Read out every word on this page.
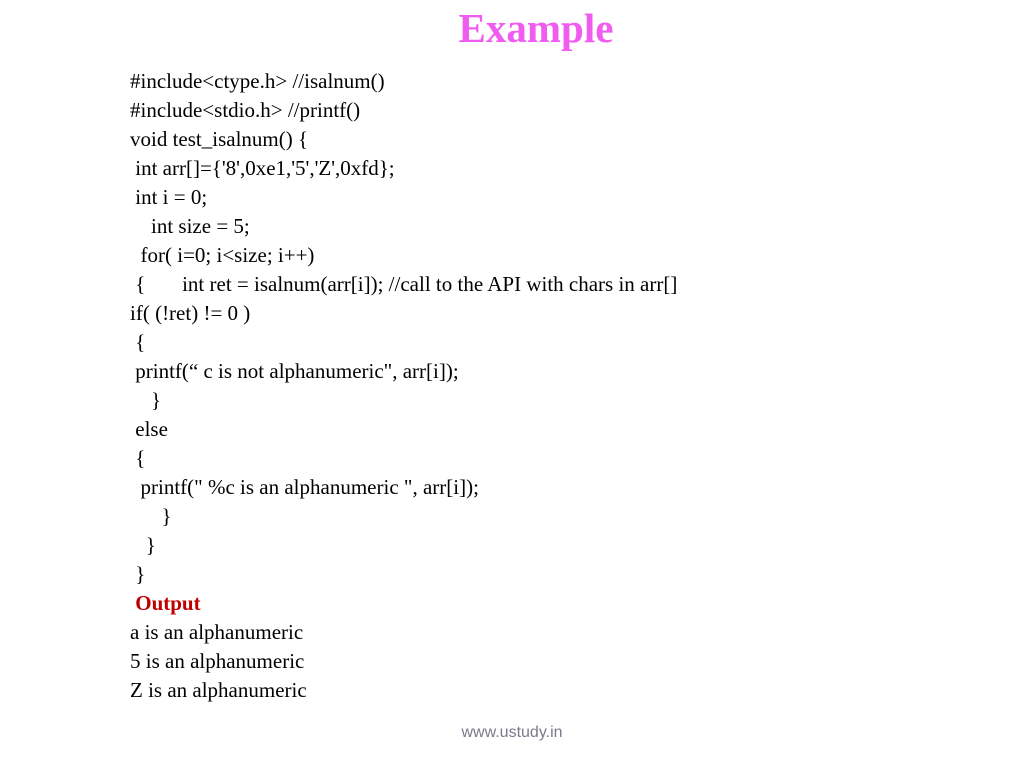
Example
#include<ctype.h> //isalnum()
#include<stdio.h> //printf()
void test_isalnum() {
int arr[]={'8',0xe1,'5','Z',0xfd};
int i = 0;
int size = 5;
for( i=0; i<size; i++)
{       int ret = isalnum(arr[i]); //call to the API with chars in arr[]
if( (!ret) != 0 )
{
printf(“ c is not alphanumeric", arr[i]);
}
else
{
printf(" %c is an alphanumeric ", arr[i]);
}
}
}
Output
a is an alphanumeric
5 is an alphanumeric
Z is an alphanumeric
www.ustudy.in
